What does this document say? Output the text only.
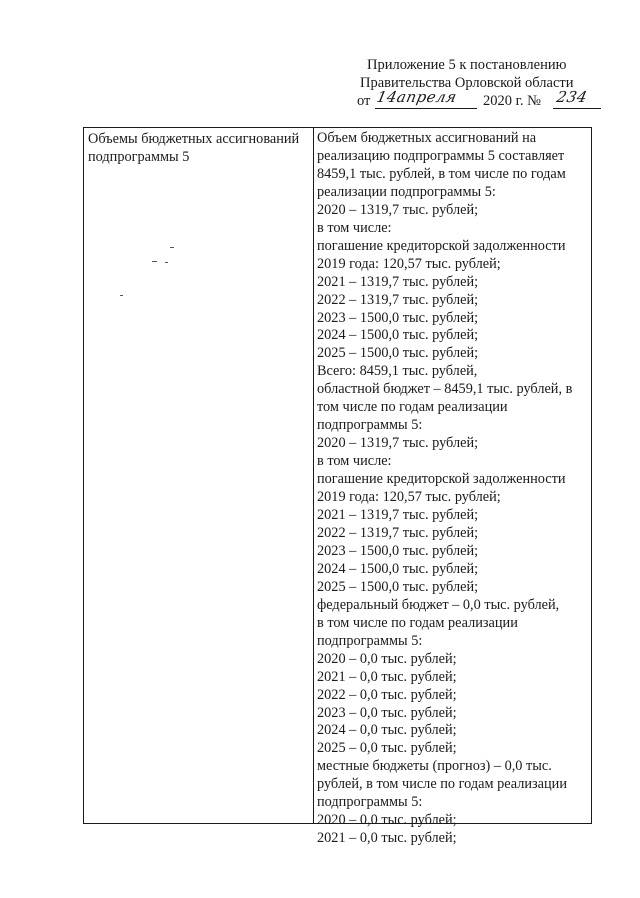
Приложение 5 к постановлению
Правительства Орловской области
от 14апреля 2020 г. № 234
Объемы бюджетных ассигнований
подпрограммы 5
Объем бюджетных ассигнований на
реализацию подпрограммы 5 составляет
8459,1 тыс. рублей, в том числе по годам
реализации подпрограммы 5:
2020 – 1319,7 тыс. рублей;
в том числе:
погашение кредиторской задолженности
2019 года: 120,57 тыс. рублей;
2021 – 1319,7 тыс. рублей;
2022 – 1319,7 тыс. рублей;
2023 – 1500,0 тыс. рублей;
2024 – 1500,0 тыс. рублей;
2025 – 1500,0 тыс. рублей;
Всего: 8459,1 тыс. рублей,
областной бюджет – 8459,1 тыс. рублей, в
том числе по годам реализации
подпрограммы 5:
2020 – 1319,7 тыс. рублей;
в том числе:
погашение кредиторской задолженности
2019 года: 120,57 тыс. рублей;
2021 – 1319,7 тыс. рублей;
2022 – 1319,7 тыс. рублей;
2023 – 1500,0 тыс. рублей;
2024 – 1500,0 тыс. рублей;
2025 – 1500,0 тыс. рублей;
федеральный бюджет – 0,0 тыс. рублей,
в том числе по годам реализации
подпрограммы 5:
2020 – 0,0 тыс. рублей;
2021 – 0,0 тыс. рублей;
2022 – 0,0 тыс. рублей;
2023 – 0,0 тыс. рублей;
2024 – 0,0 тыс. рублей;
2025 – 0,0 тыс. рублей;
местные бюджеты (прогноз) – 0,0 тыс.
рублей, в том числе по годам реализации
подпрограммы 5:
2020 – 0,0 тыс. рублей;
2021 – 0,0 тыс. рублей;
